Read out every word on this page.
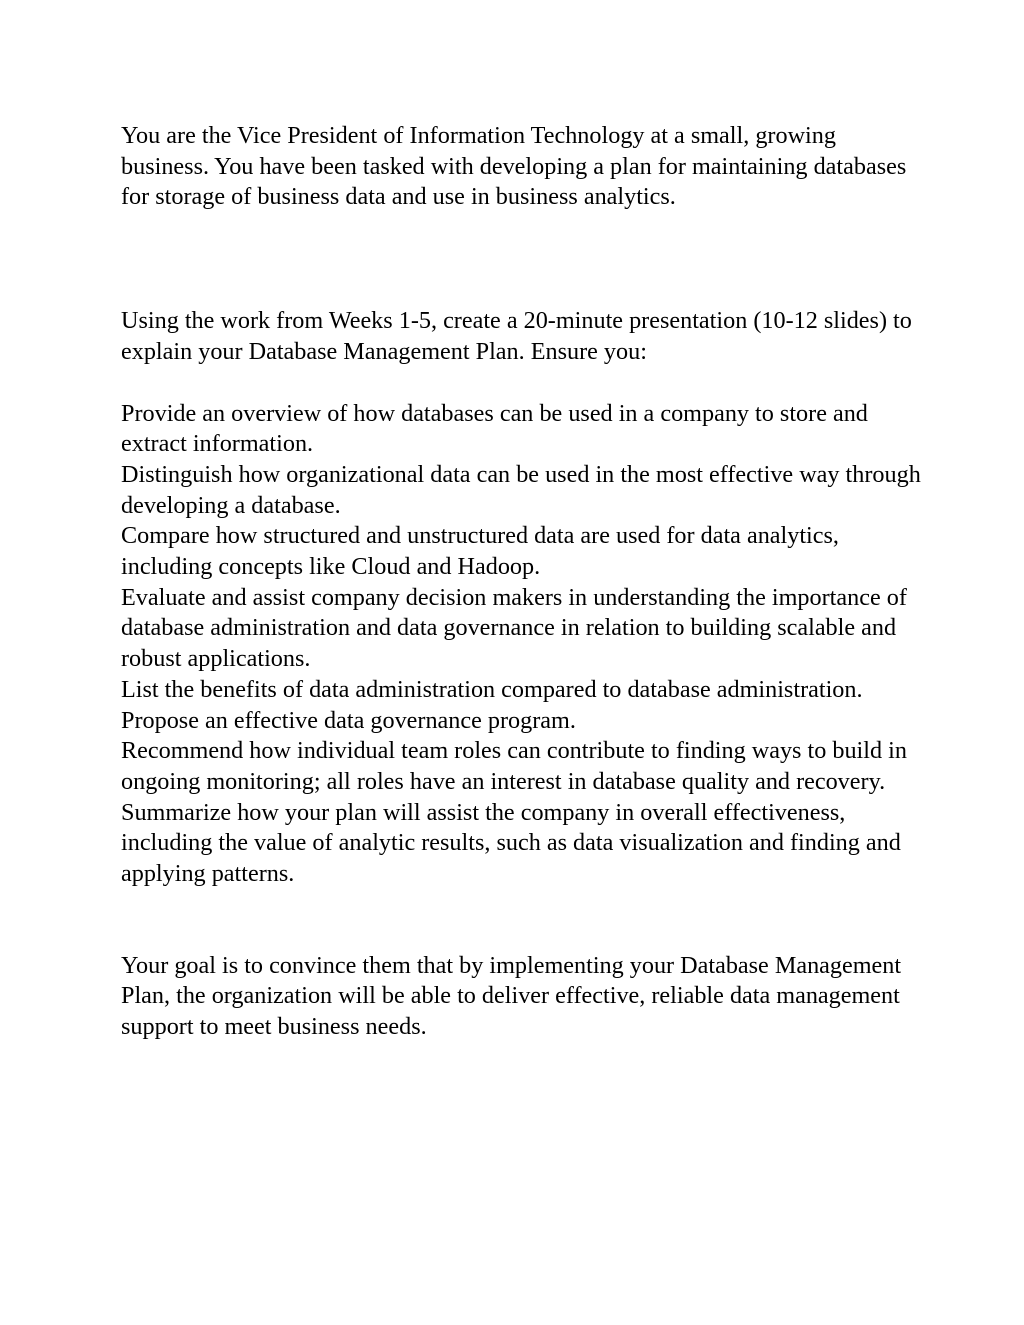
You are the Vice President of Information Technology at a small, growing business. You have been tasked with developing a plan for maintaining databases for storage of business data and use in business analytics.

Using the work from Weeks 1-5, create a 20-minute presentation (10-12 slides) to explain your Database Management Plan. Ensure you:

Provide an overview of how databases can be used in a company to store and extract information.
Distinguish how organizational data can be used in the most effective way through developing a database.
Compare how structured and unstructured data are used for data analytics, including concepts like Cloud and Hadoop.
Evaluate and assist company decision makers in understanding the importance of database administration and data governance in relation to building scalable and robust applications.
List the benefits of data administration compared to database administration.
Propose an effective data governance program.
Recommend how individual team roles can contribute to finding ways to build in ongoing monitoring; all roles have an interest in database quality and recovery.
Summarize how your plan will assist the company in overall effectiveness, including the value of analytic results, such as data visualization and finding and applying patterns.

Your goal is to convince them that by implementing your Database Management Plan, the organization will be able to deliver effective, reliable data management support to meet business needs.
